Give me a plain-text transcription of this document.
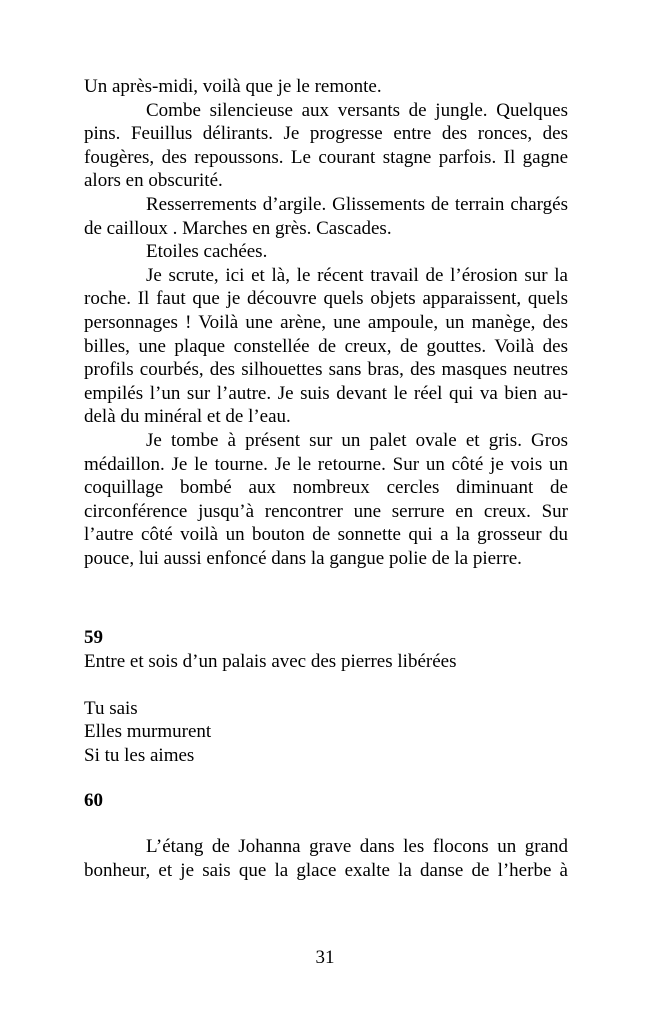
Un après-midi, voilà que je le remonte.

Combe silencieuse aux versants de jungle. Quelques pins. Feuillus délirants. Je progresse entre des ronces, des fougères, des repoussons. Le courant stagne parfois. Il gagne alors en obscurité.

Resserrements d’argile. Glissements de terrain chargés de cailloux . Marches en grès. Cascades.

Etoiles cachées.

Je scrute, ici et là, le récent travail de l’érosion sur la roche. Il faut que je découvre quels objets apparaissent, quels personnages ! Voilà une arène, une ampoule, un manège, des billes, une plaque constellée de creux, de gouttes. Voilà des profils courbés, des silhouettes sans bras, des masques neutres empilés l’un sur l’autre. Je suis devant le réel qui va bien au-delà du minéral et de l’eau.

Je tombe à présent sur un palet ovale et gris. Gros médaillon. Je le tourne. Je le retourne. Sur un côté je vois un coquillage bombé aux nombreux cercles diminuant de circonférence jusqu’à rencontrer une serrure en creux. Sur l’autre côté voilà un bouton de sonnette qui a la grosseur du pouce, lui aussi enfoncé dans la gangue polie de la pierre.

59

Entre et sois d’un palais avec des pierres libérées

Tu sais

Elles murmurent

Si tu les aimes

60

L’étang de Johanna grave dans les flocons un grand bonheur, et je sais que la glace exalte la danse de l’herbe à

31
